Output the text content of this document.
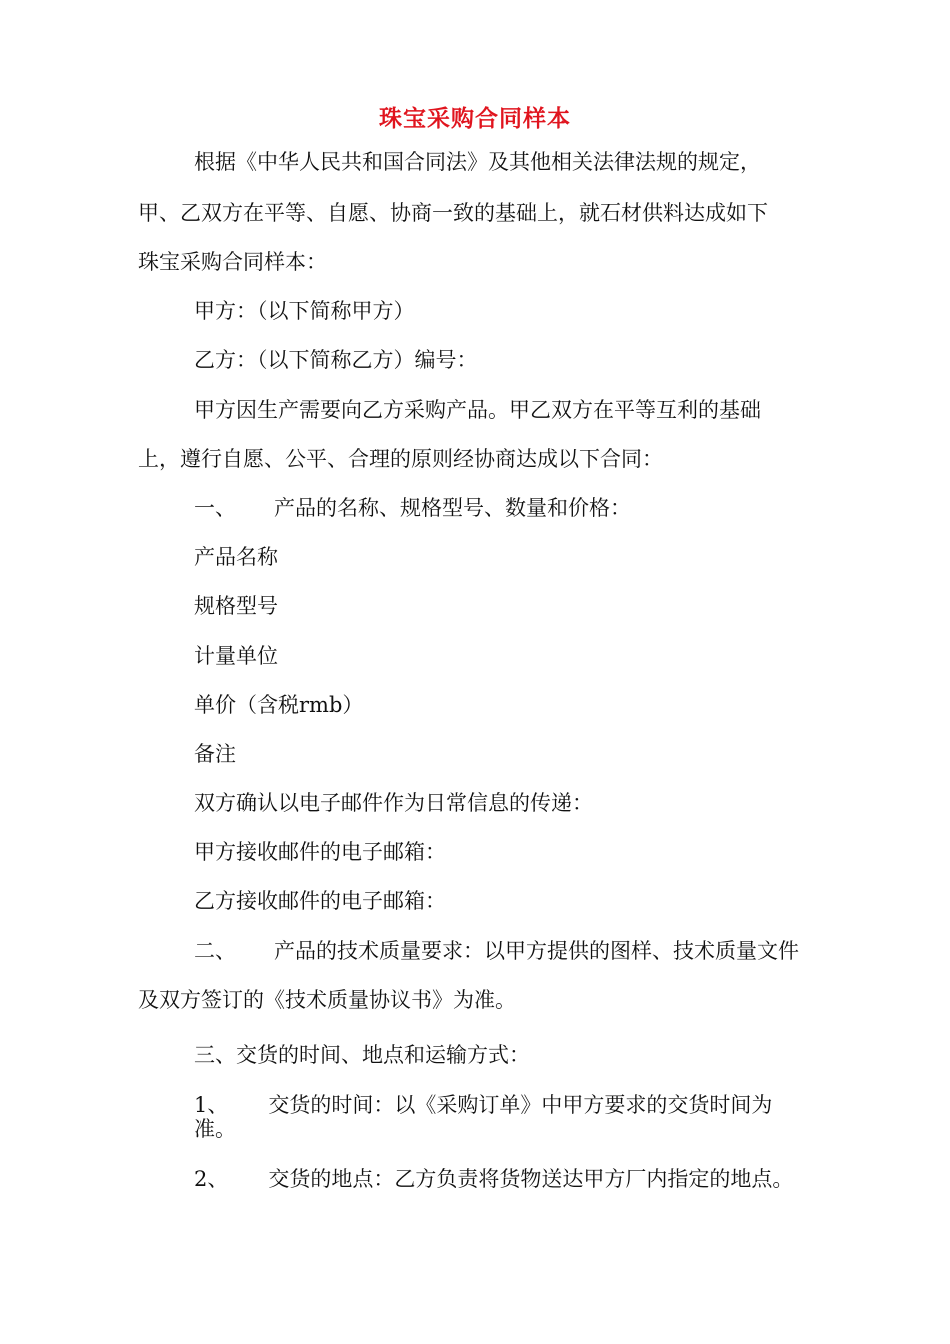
珠宝采购合同样本
根据《中华人民共和国合同法》及其他相关法律法规的规定，
甲、乙双方在平等、自愿、协商一致的基础上，就石材供料达成如下
珠宝采购合同样本：
甲方：（以下简称甲方）
乙方：（以下简称乙方）编号：
甲方因生产需要向乙方采购产品。甲乙双方在平等互利的基础
上，遵行自愿、公平、合理的原则经协商达成以下合同：
一、 产品的名称、规格型号、数量和价格：
产品名称
规格型号
计量单位
单价（含税rmb）
备注
双方确认以电子邮件作为日常信息的传递：
甲方接收邮件的电子邮箱：
乙方接收邮件的电子邮箱：
二、 产品的技术质量要求：以甲方提供的图样、技术质量文件
及双方签订的《技术质量协议书》为准。
三、交货的时间、地点和运输方式：
1、 交货的时间：以《采购订单》中甲方要求的交货时间为
准。
2、 交货的地点：乙方负责将货物送达甲方厂内指定的地点。
